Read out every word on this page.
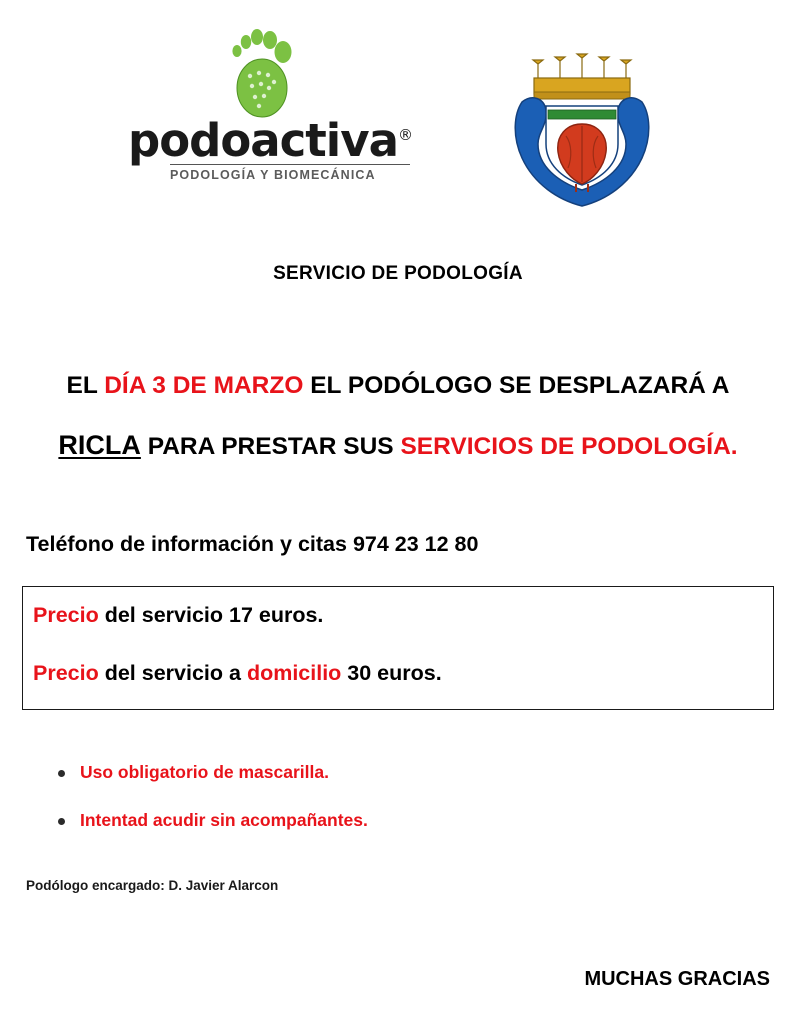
podoactiva®
PODOLOGÍA Y BIOMECÁNICA
SERVICIO DE PODOLOGÍA
EL DÍA 3 DE MARZO EL PODÓLOGO SE DESPLAZARÁ A
RICLA PARA PRESTAR SUS SERVICIOS DE PODOLOGÍA.
Teléfono de información y citas 974 23 12 80
Precio del servicio 17 euros.
Precio del servicio a domicilio 30 euros.
Uso obligatorio de mascarilla.
Intentad acudir sin acompañantes.
Podólogo encargado: D. Javier Alarcon
MUCHAS GRACIAS
